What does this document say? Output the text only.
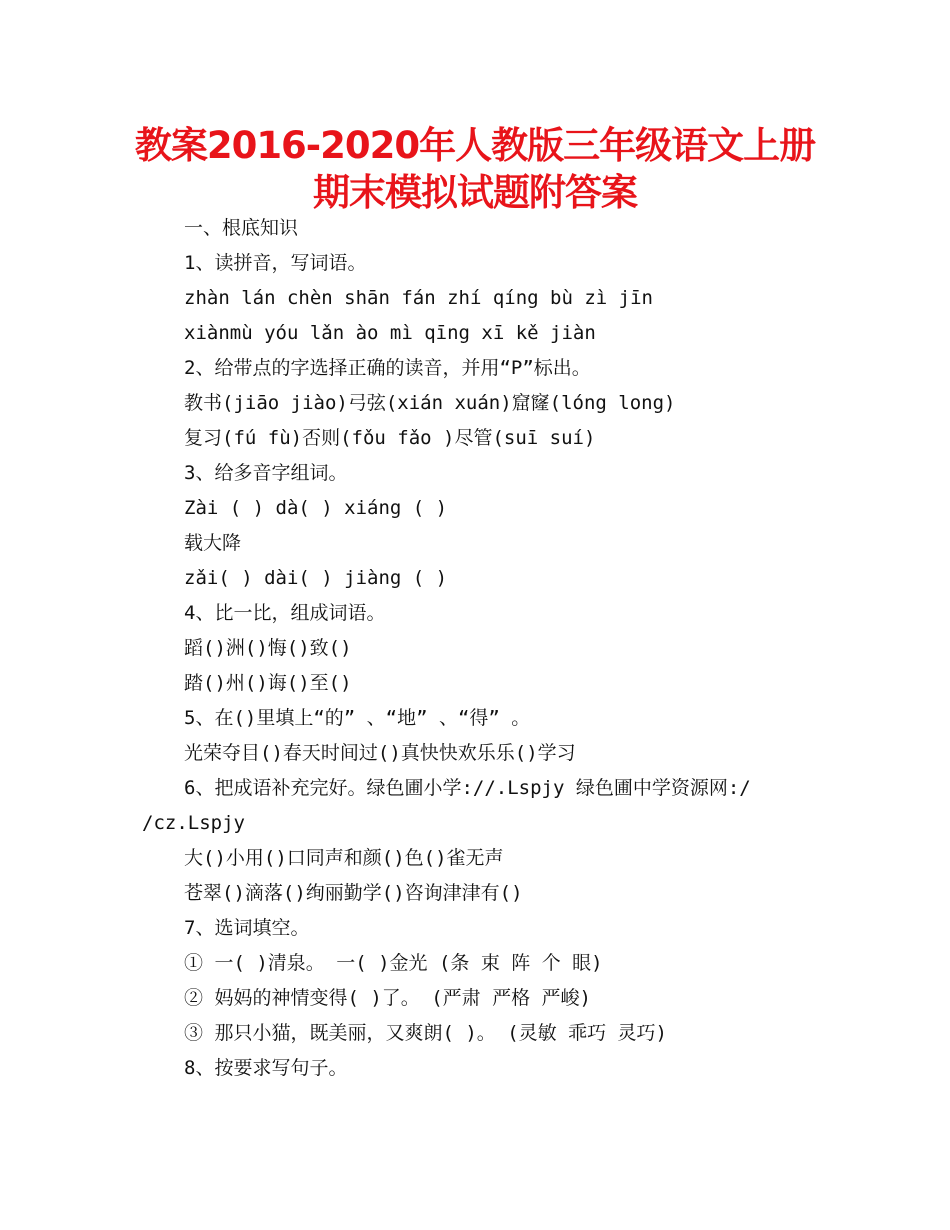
教案2016-2020年人教版三年级语文上册
期末模拟试题附答案
一、根底知识
1、读拼音，写词语。
zhàn lán chèn shān fán zhí qíng bù zì jīn
xiànmù yóu lǎn ào mì qīng xī kě jiàn
2、给带点的字选择正确的读音，并用“P”标出。
教书(jiāo jiào)弓弦(xián xuán)窟窿(lóng long)
复习(fú fù)否则(fǒu fǎo )尽管(suī suí)
3、给多音字组词。
Zài ( ) dà( ) xiáng ( )
载大降
zǎi( ) dài( ) jiàng ( )
4、比一比，组成词语。
蹈()洲()悔()致()
踏()州()诲()至()
5、在()里填上“的” 、“地” 、“得” 。
光荣夺目()春天时间过()真快快欢乐乐()学习
6、把成语补充完好。绿色圃小学://.Lspjy 绿色圃中学资源网:/
/cz.Lspjy
大()小用()口同声和颜()色()雀无声
苍翠()滴落()绚丽勤学()咨询津津有()
7、选词填空。
① 一( )清泉。 一( )金光 (条 束 阵 个 眼)
② 妈妈的神情变得( )了。 (严肃 严格 严峻)
③ 那只小猫，既美丽，又爽朗( )。 (灵敏 乖巧 灵巧)
8、按要求写句子。
